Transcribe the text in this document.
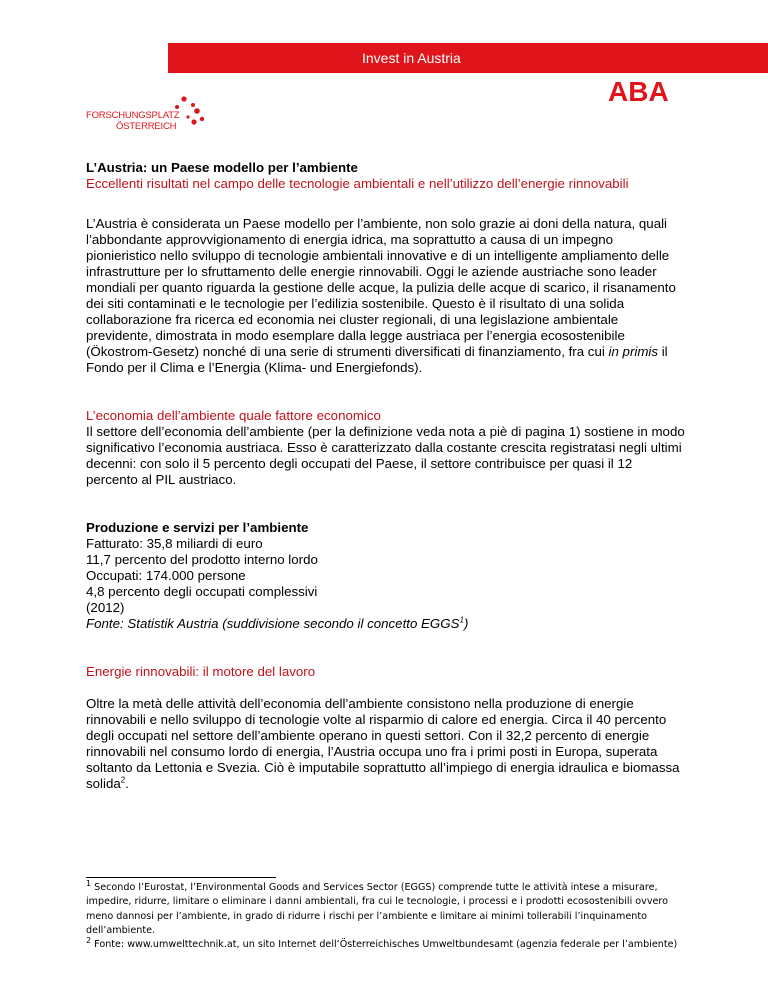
Invest in Austria
ABA
FORSCHUNGSPLATZ
ÖSTERREICH

L’Austria: un Paese modello per l’ambiente

Eccellenti risultati nel campo delle tecnologie ambientali e nell’utilizzo dell’energie rinnovabili

L’Austria è considerata un Paese modello per l’ambiente, non solo grazie ai doni della natura, quali l’abbondante approvvigionamento di energia idrica, ma soprattutto a causa di un impegno pionieristico nello sviluppo di tecnologie ambientali innovative e di un intelligente ampliamento delle infrastrutture per lo sfruttamento delle energie rinnovabili. Oggi le aziende austriache sono leader mondiali per quanto riguarda la gestione delle acque, la pulizia delle acque di scarico, il risanamento dei siti contaminati e le tecnologie per l’edilizia sostenibile. Questo è il risultato di una solida collaborazione fra ricerca ed economia nei cluster regionali, di una legislazione ambientale previdente, dimostrata in modo esemplare dalla legge austriaca per l’energia ecosostenibile (Ökostrom-Gesetz) nonché di una serie di strumenti diversificati di finanziamento, fra cui in primis il Fondo per il Clima e l’Energia (Klima- und Energiefonds).

L’economia dell’ambiente quale fattore economico

Il settore dell’economia dell’ambiente (per la definizione veda nota a piè di pagina 1) sostiene in modo significativo l’economia austriaca. Esso è caratterizzato dalla costante crescita registratasi negli ultimi decenni: con solo il 5 percento degli occupati del Paese, il settore contribuisce per quasi il 12 percento al PIL austriaco.

Produzione e servizi per l’ambiente

Fatturato: 35,8 miliardi di euro

11,7 percento del prodotto interno lordo

Occupati: 174.000 persone

4,8 percento degli occupati complessivi

(2012)

Fonte: Statistik Austria (suddivisione secondo il concetto EGGS$^1$)

Energie rinnovabili: il motore del lavoro

Oltre la metà delle attività dell’economia dell’ambiente consistono nella produzione di energie rinnovabili e nello sviluppo di tecnologie volte al risparmio di calore ed energia. Circa il 40 percento degli occupati nel settore dell’ambiente operano in questi settori. Con il 32,2 percento di energie rinnovabili nel consumo lordo di energia, l’Austria occupa uno fra i primi posti in Europa, superata soltanto da Lettonia e Svezia. Ciò è imputabile soprattutto all’impiego di energia idraulica e biomassa solida$^2$.

$^1$ Secondo l’Eurostat, l’Environmental Goods and Services Sector (EGGS) comprende tutte le attività intese a misurare, impedire, ridurre, limitare o eliminare i danni ambientali, fra cui le tecnologie, i processi e i prodotti ecosostenibili ovvero meno dannosi per l’ambiente, in grado di ridurre i rischi per l’ambiente e limitare ai minimi tollerabili l’inquinamento dell’ambiente.

$^2$ Fonte: www.umwelttechnik.at, un sito Internet dell’Österreichisches Umweltbundesamt (agenzia federale per l’ambiente)
